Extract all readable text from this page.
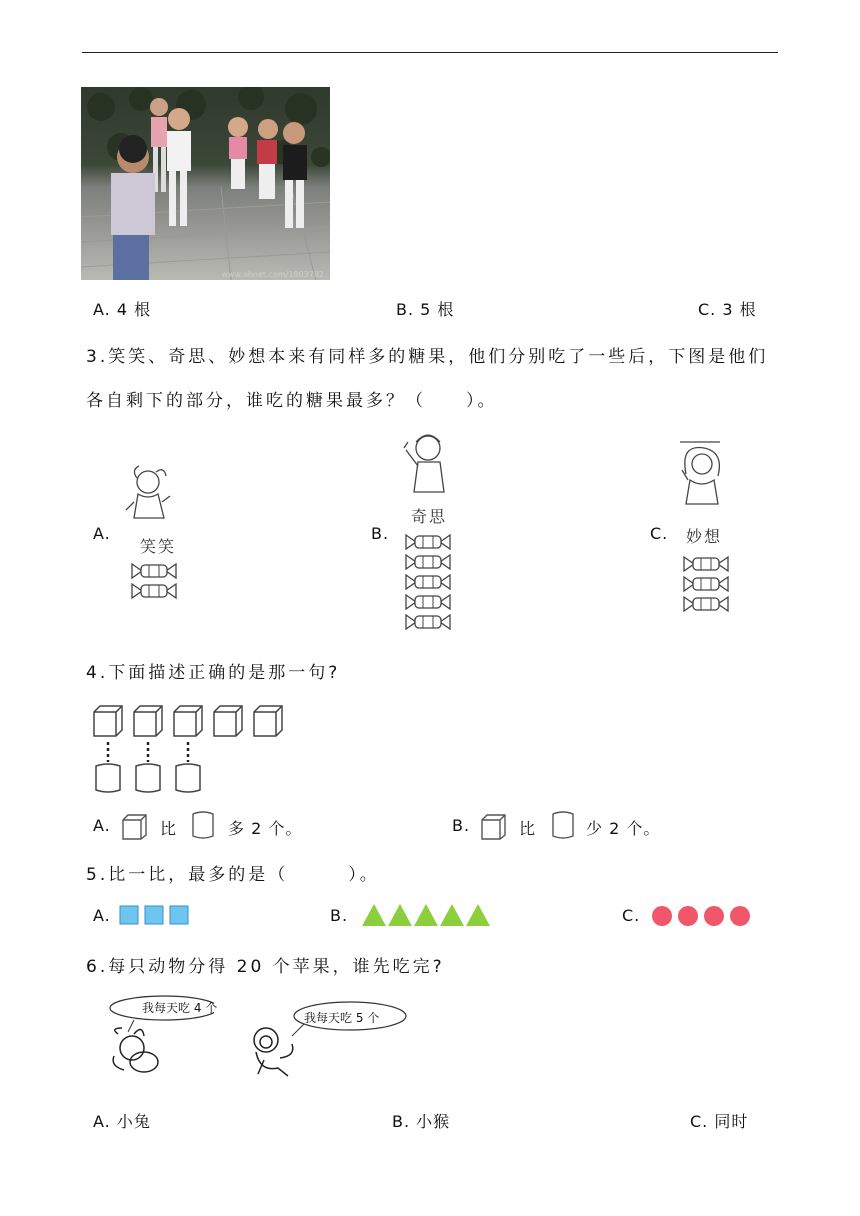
www.ahnet.com/1803782
A. 4 根	B. 5 根	C. 3 根
3.笑笑、奇思、妙想本来有同样多的糖果，他们分别吃了一些后，下图是他们
各自剩下的部分，谁吃的糖果最多？（　　）。
A.
笑笑
B.
奇思
C. 妙想
4.下面描述正确的是那一句?
A.	比	多 2 个。	B.	比	少 2 个。
5.比一比，最多的是（　　　）。
A.	B.	C.
6.每只动物分得 20 个苹果，谁先吃完?
我每天吃 4 个
我每天吃 5 个
A. 小兔	B. 小猴	C. 同时
